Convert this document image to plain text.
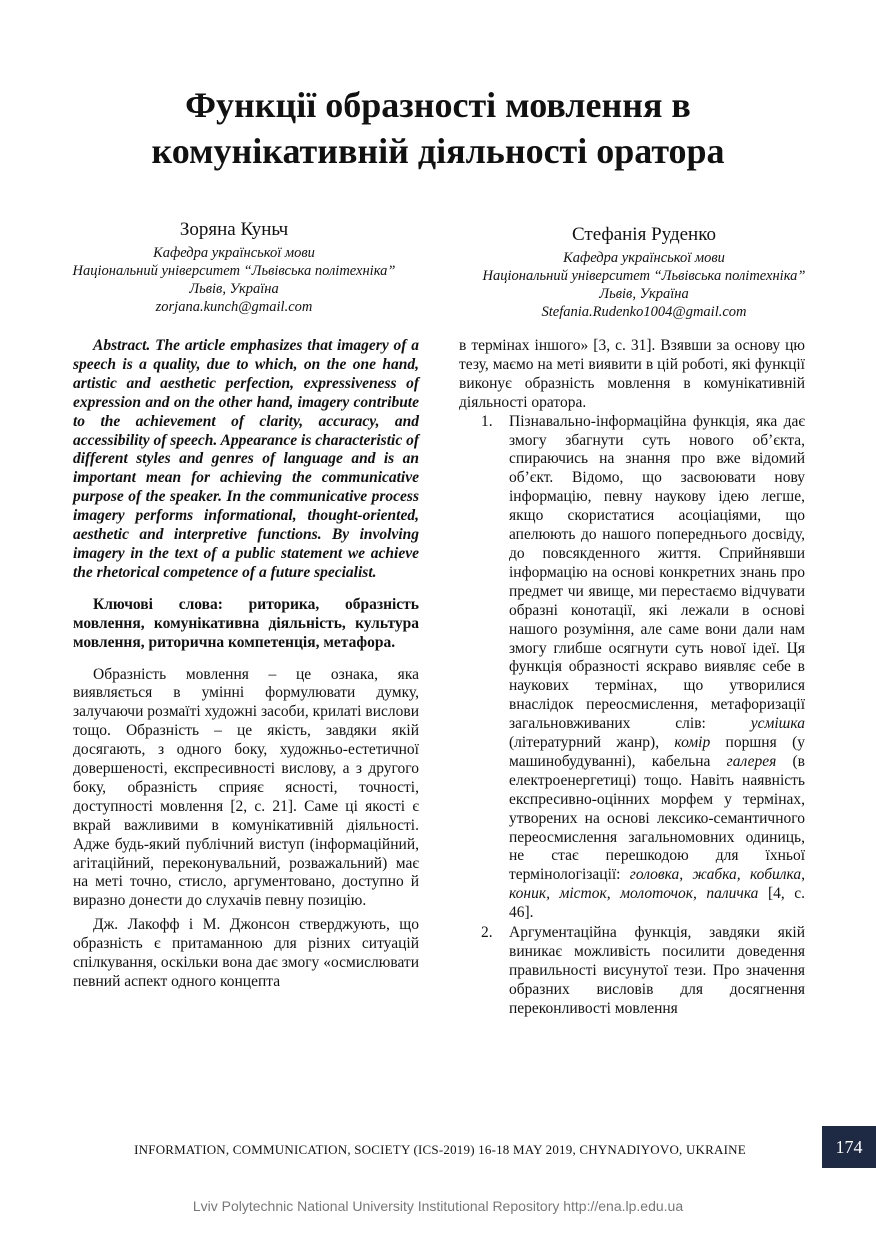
Функції образності мовлення в
комунікативній діяльності оратора
Зоряна Куньч
Кафедра української мови
Національний університет “Львівська політехніка”
Львів, Україна
zorjana.kunch@gmail.com
Стефанія Руденко
Кафедра української мови
Національний університет “Львівська політехніка”
Львів, Україна
Stefania.Rudenko1004@gmail.com

Abstract. The article emphasizes that imagery of a speech is a quality, due to which, on the one hand, artistic and aesthetic perfection, expressiveness of expression and on the other hand, imagery contribute to the achievement of clarity, accuracy, and accessibility of speech. Appearance is characteristic of different styles and genres of language and is an important mean for achieving the communicative purpose of the speaker. In the communicative process imagery performs informational, thought-oriented, aesthetic and interpretive functions. By involving imagery in the text of a public statement we achieve the rhetorical competence of a future specialist.

Ключові слова: риторика, образність мовлення, комунікативна діяльність, культура мовлення, риторична компетенція, метафора.

Образність мовлення – це ознака, яка виявляється в умінні формулювати думку, залучаючи розмаїті художні засоби, крилаті вислови тощо. Образність – це якість, завдяки якій досягають, з одного боку, художньо-естетичної довершеності, експресивності вислову, а з другого боку, образність сприяє ясності, точності, доступності мовлення [2, с. 21]. Саме ці якості є вкрай важливими в комунікативній діяльності. Адже будь-який публічний виступ (інформаційний, агітаційний, переконувальний, розважальний) має на меті точно, стисло, аргументовано, доступно й виразно донести до слухачів певну позицію.

Дж. Лакофф і М. Джонсон стверджують, що образність є притаманною для різних ситуацій спілкування, оскільки вона дає змогу «осмислювати певний аспект одного концепта

в термінах іншого» [3, с. 31]. Взявши за основу цю тезу, маємо на меті виявити в цій роботі, які функції виконує образність мовлення в комунікативній діяльності оратора.

1. Пізнавально-інформаційна функція, яка дає змогу збагнути суть нового об’єкта, спираючись на знання про вже відомий об’єкт. Відомо, що засвоювати нову інформацію, певну наукову ідею легше, якщо скористатися асоціаціями, що апелюють до нашого попереднього досвіду, до повсякденного життя. Сприйнявши інформацію на основі конкретних знань про предмет чи явище, ми перестаємо відчувати образні конотації, які лежали в основі нашого розуміння, але саме вони дали нам змогу глибше осягнути суть нової ідеї. Ця функція образності яскраво виявляє себе в наукових термінах, що утворилися внаслідок переосмислення, метафоризації загальновживаних слів: усмішка (літературний жанр), комір поршня (у машинобудуванні), кабельна галерея (в електроенергетиці) тощо. Навіть наявність експресивно-оцінних морфем у термінах, утворених на основі лексико-семантичного переосмислення загальномовних одиниць, не стає перешкодою для їхньої термінологізації: головка, жабка, кобилка, коник, місток, молоточок, паличка [4, с. 46].
2. Аргументаційна функція, завдяки якій виникає можливість посилити доведення правильності висунутої тези. Про значення образних висловів для досягнення переконливості мовлення
INFORMATION, COMMUNICATION, SOCIETY (ICS-2019) 16-18 MAY 2019, CHYNADIYOVO, UKRAINE	174
Lviv Polytechnic National University Institutional Repository http://ena.lp.edu.ua
